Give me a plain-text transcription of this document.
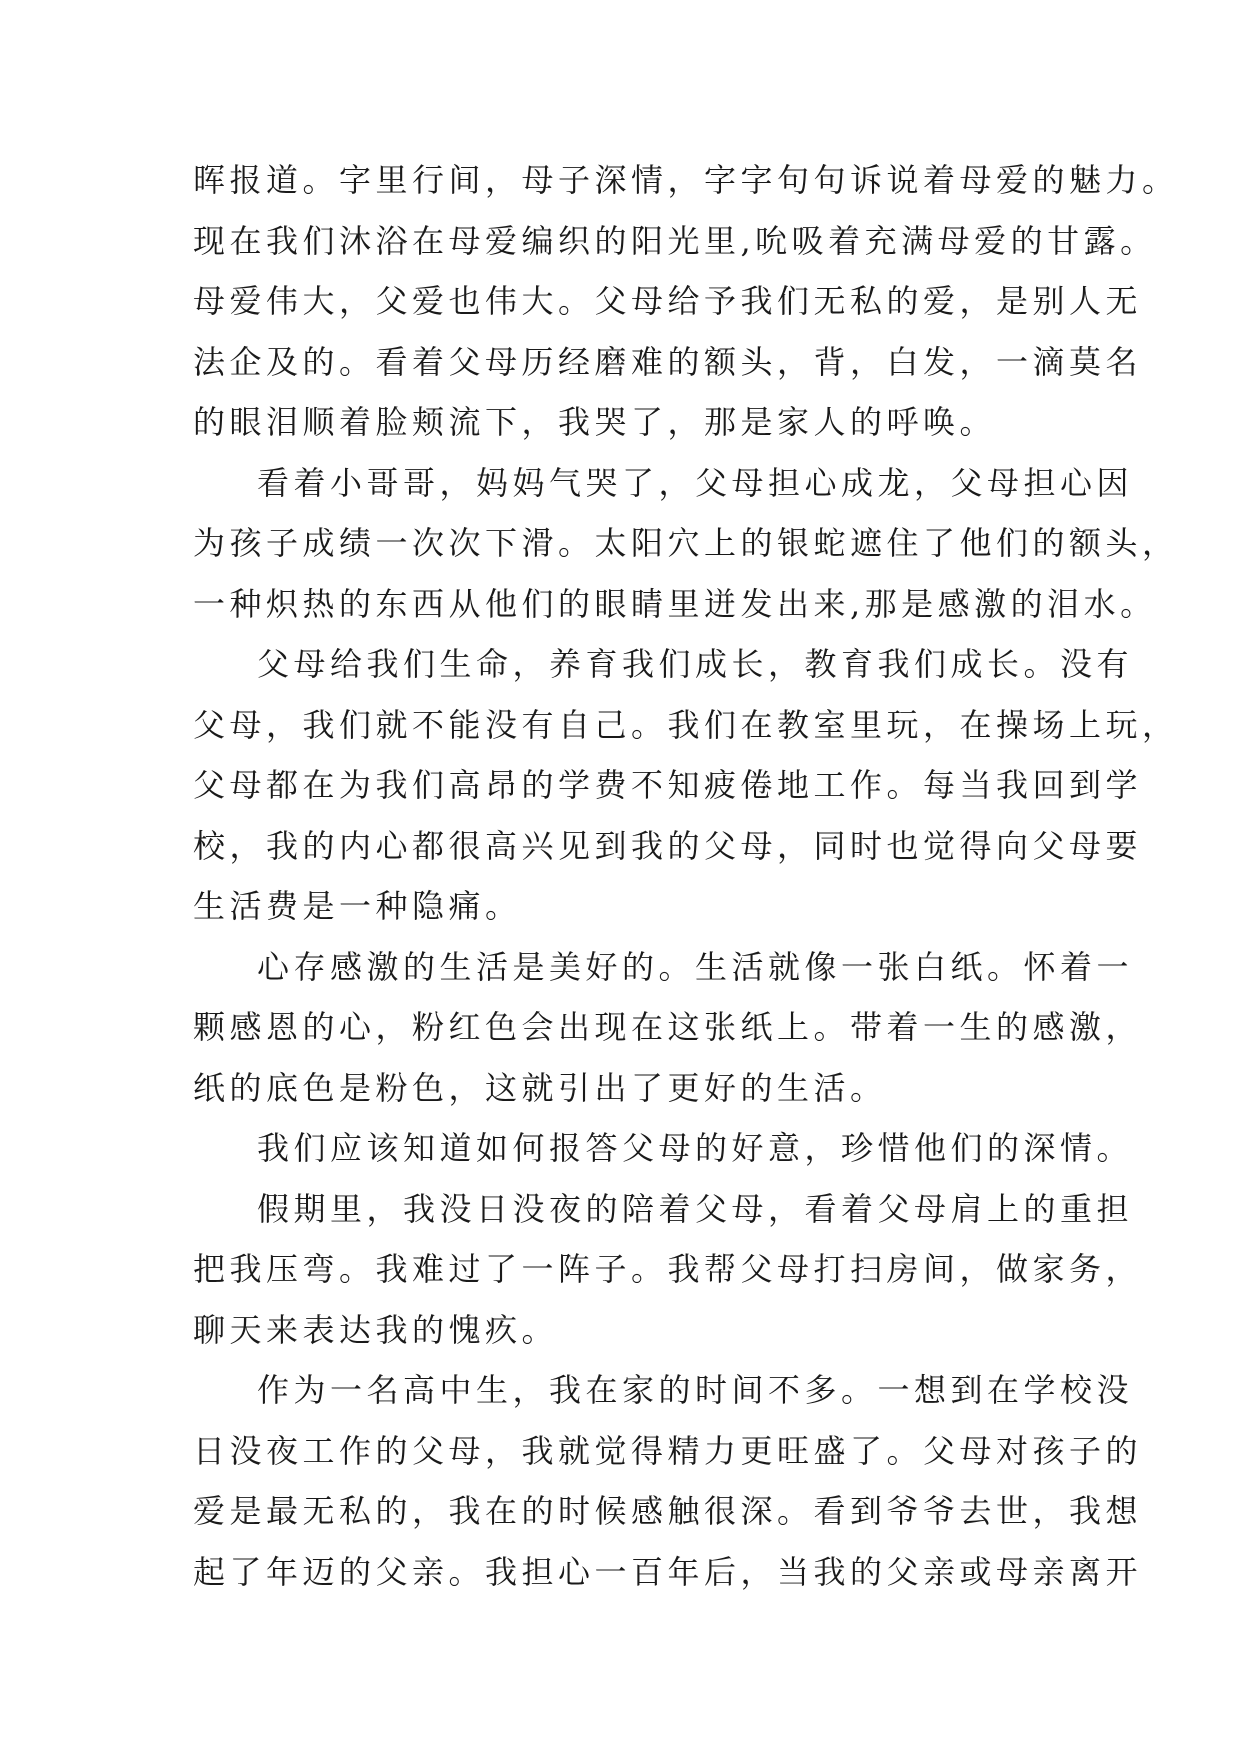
晖报道。字里行间，母子深情，字字句句诉说着母爱的魅力。
现在我们沐浴在母爱编织的阳光里,吮吸着充满母爱的甘露。
母爱伟大，父爱也伟大。父母给予我们无私的爱，是别人无
法企及的。看着父母历经磨难的额头，背，白发，一滴莫名
的眼泪顺着脸颊流下，我哭了，那是家人的呼唤。
看着小哥哥，妈妈气哭了，父母担心成龙，父母担心因
为孩子成绩一次次下滑。太阳穴上的银蛇遮住了他们的额头，
一种炽热的东西从他们的眼睛里迸发出来,那是感激的泪水。
父母给我们生命，养育我们成长，教育我们成长。没有
父母，我们就不能没有自己。我们在教室里玩，在操场上玩，
父母都在为我们高昂的学费不知疲倦地工作。每当我回到学
校，我的内心都很高兴见到我的父母，同时也觉得向父母要
生活费是一种隐痛。
心存感激的生活是美好的。生活就像一张白纸。怀着一
颗感恩的心，粉红色会出现在这张纸上。带着一生的感激，
纸的底色是粉色，这就引出了更好的生活。
我们应该知道如何报答父母的好意，珍惜他们的深情。
假期里，我没日没夜的陪着父母，看着父母肩上的重担
把我压弯。我难过了一阵子。我帮父母打扫房间，做家务，
聊天来表达我的愧疚。
作为一名高中生，我在家的时间不多。一想到在学校没
日没夜工作的父母，我就觉得精力更旺盛了。父母对孩子的
爱是最无私的，我在的时候感触很深。看到爷爷去世，我想
起了年迈的父亲。我担心一百年后，当我的父亲或母亲离开
